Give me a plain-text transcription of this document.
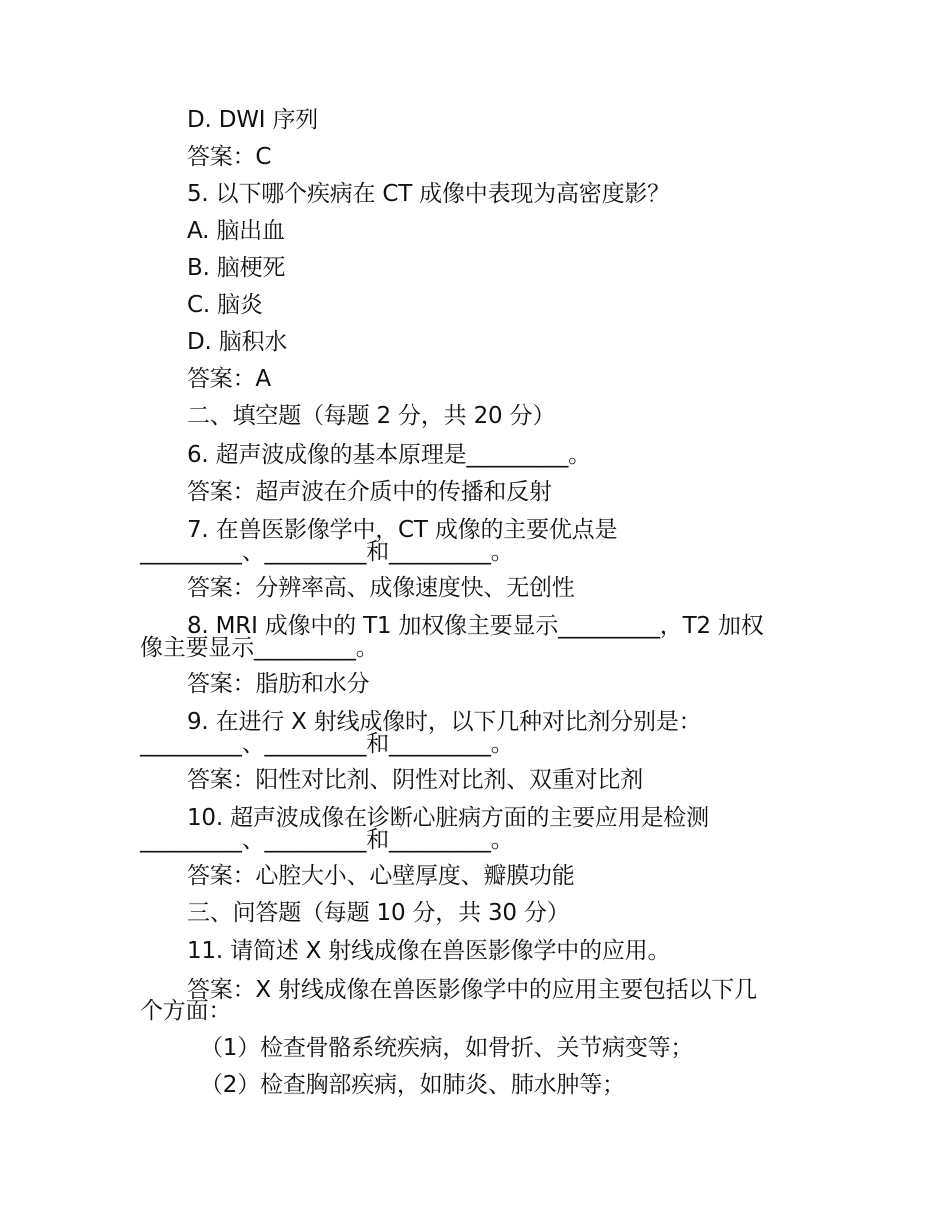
D. DWI 序列
答案：C
5. 以下哪个疾病在 CT 成像中表现为高密度影？
A. 脑出血
B. 脑梗死
C. 脑炎
D. 脑积水
答案：A
二、填空题（每题 2 分，共 20 分）
6. 超声波成像的基本原理是_________。
答案：超声波在介质中的传播和反射
7. 在兽医影像学中，CT 成像的主要优点是
_________、_________和_________。
答案：分辨率高、成像速度快、无创性
8. MRI 成像中的 T1 加权像主要显示_________，T2 加权
像主要显示_________。
答案：脂肪和水分
9. 在进行 X 射线成像时，以下几种对比剂分别是：
_________、_________和_________。
答案：阳性对比剂、阴性对比剂、双重对比剂
10. 超声波成像在诊断心脏病方面的主要应用是检测
_________、_________和_________。
答案：心腔大小、心壁厚度、瓣膜功能
三、问答题（每题 10 分，共 30 分）
11. 请简述 X 射线成像在兽医影像学中的应用。
答案：X 射线成像在兽医影像学中的应用主要包括以下几
个方面：
（1）检查骨骼系统疾病，如骨折、关节病变等；
（2）检查胸部疾病，如肺炎、肺水肿等；
